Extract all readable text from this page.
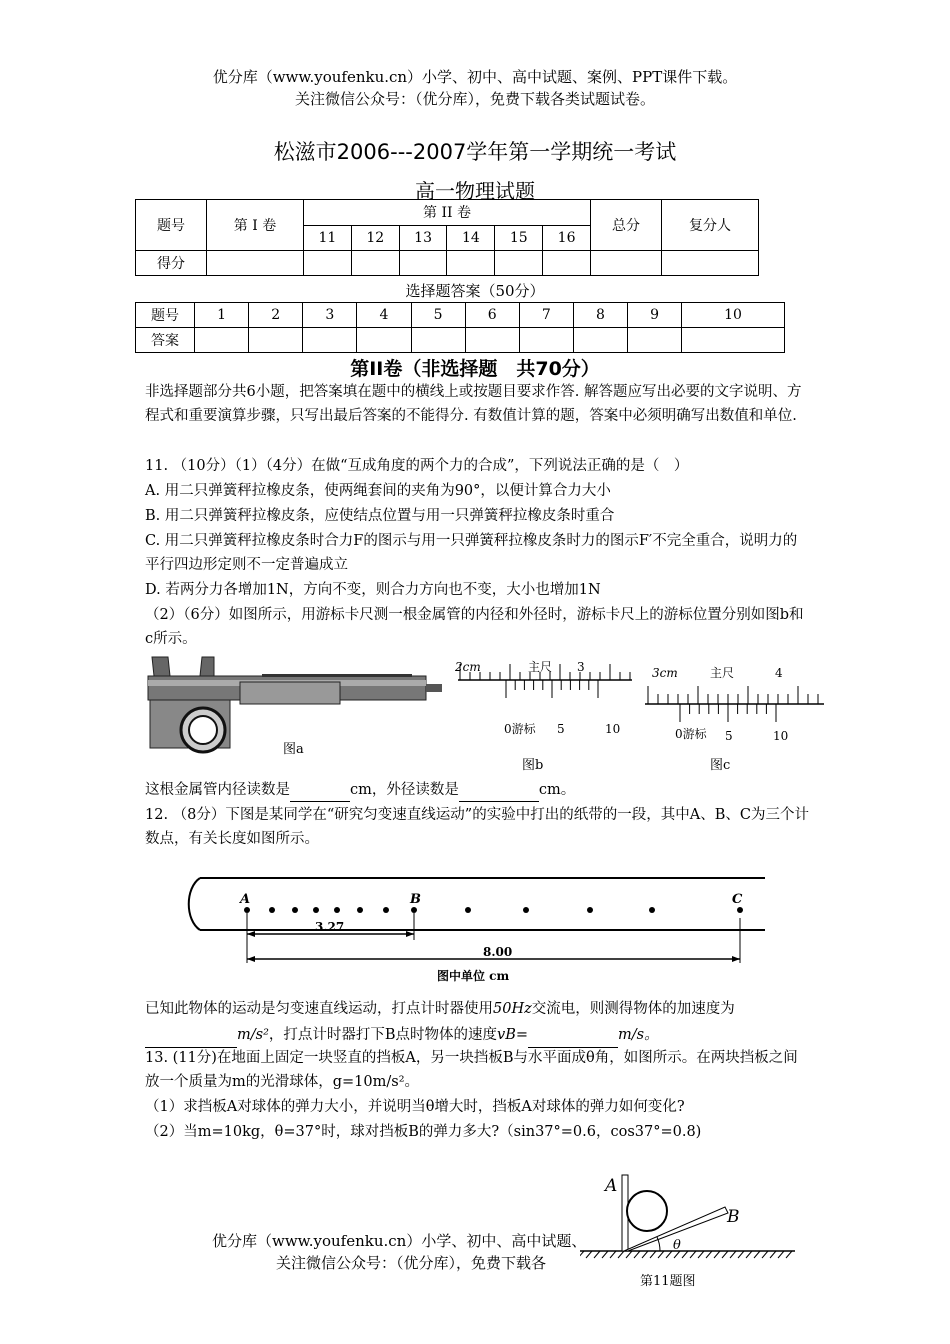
优分库（www.youfenku.cn）小学、初中、高中试题、案例、PPT课件下载。
关注微信公众号：（优分库），免费下载各类试题试卷。
松滋市2006---2007学年第一学期统一考试
高一物理试题
题号	第 I 卷	第 II 卷						总分	复分人
		11	12	13	14	15	16		
得分									
选择题答案（50分）
题号	1	2	3	4	5	6	7	8	9	10
答案										
第II卷（非选择题　共70分）
非选择题部分共6小题，把答案填在题中的横线上或按题目要求作答. 解答题应写出必要的文字说明、方程式和重要演算步骤，只写出最后答案的不能得分. 有数值计算的题，答案中必须明确写出数值和单位.
11. （10分）（1）（4分）在做“互成角度的两个力的合成”，下列说法正确的是（　）
A. 用二只弹簧秤拉橡皮条，使两绳套间的夹角为90°，以便计算合力大小
B. 用二只弹簧秤拉橡皮条，应使结点位置与用一只弹簧秤拉橡皮条时重合
C. 用二只弹簧秤拉橡皮条时合力F的图示与用一只弹簧秤拉橡皮条时力的图示F′不完全重合，说明力的平行四边形定则不一定普遍成立
D. 若两分力各增加1N，方向不变，则合力方向也不变，大小也增加1N
（2）（6分）如图所示，用游标卡尺测一根金属管的内径和外径时，游标卡尺上的游标位置分别如图b和c所示。
图a
2cm	主尺 3
0游标 5	10
图b
3cm	主尺	4
0游标 5	10
图c
这根金属管内径读数是	cm，外径读数是	cm。
12. （8分）下图是某同学在“研究匀变速直线运动”的实验中打出的纸带的一段，其中A、B、C为三个计数点，有关长度如图所示。
A	B	C
3.27
8.00
图中单位 cm
已知此物体的运动是匀变速直线运动，打点计时器使用50Hz交流电，则测得物体的加速度为m/s²，打点计时器打下B点时物体的速度vB=	m/s。
13. (11分)在地面上固定一块竖直的挡板A，另一块挡板B与水平面成θ角，如图所示。在两块挡板之间放一个质量为m的光滑球体，g=10m/s²。
（1）求挡板A对球体的弹力大小，并说明当θ增大时，挡板A对球体的弹力如何变化?
（2）当m=10kg，θ=37°时，球对挡板B的弹力多大?（sin37°=0.6，cos37°=0.8)
A
B
θ
第11题图
优分库（www.youfenku.cn）小学、初中、高中试题、
关注微信公众号：（优分库），免费下载各
